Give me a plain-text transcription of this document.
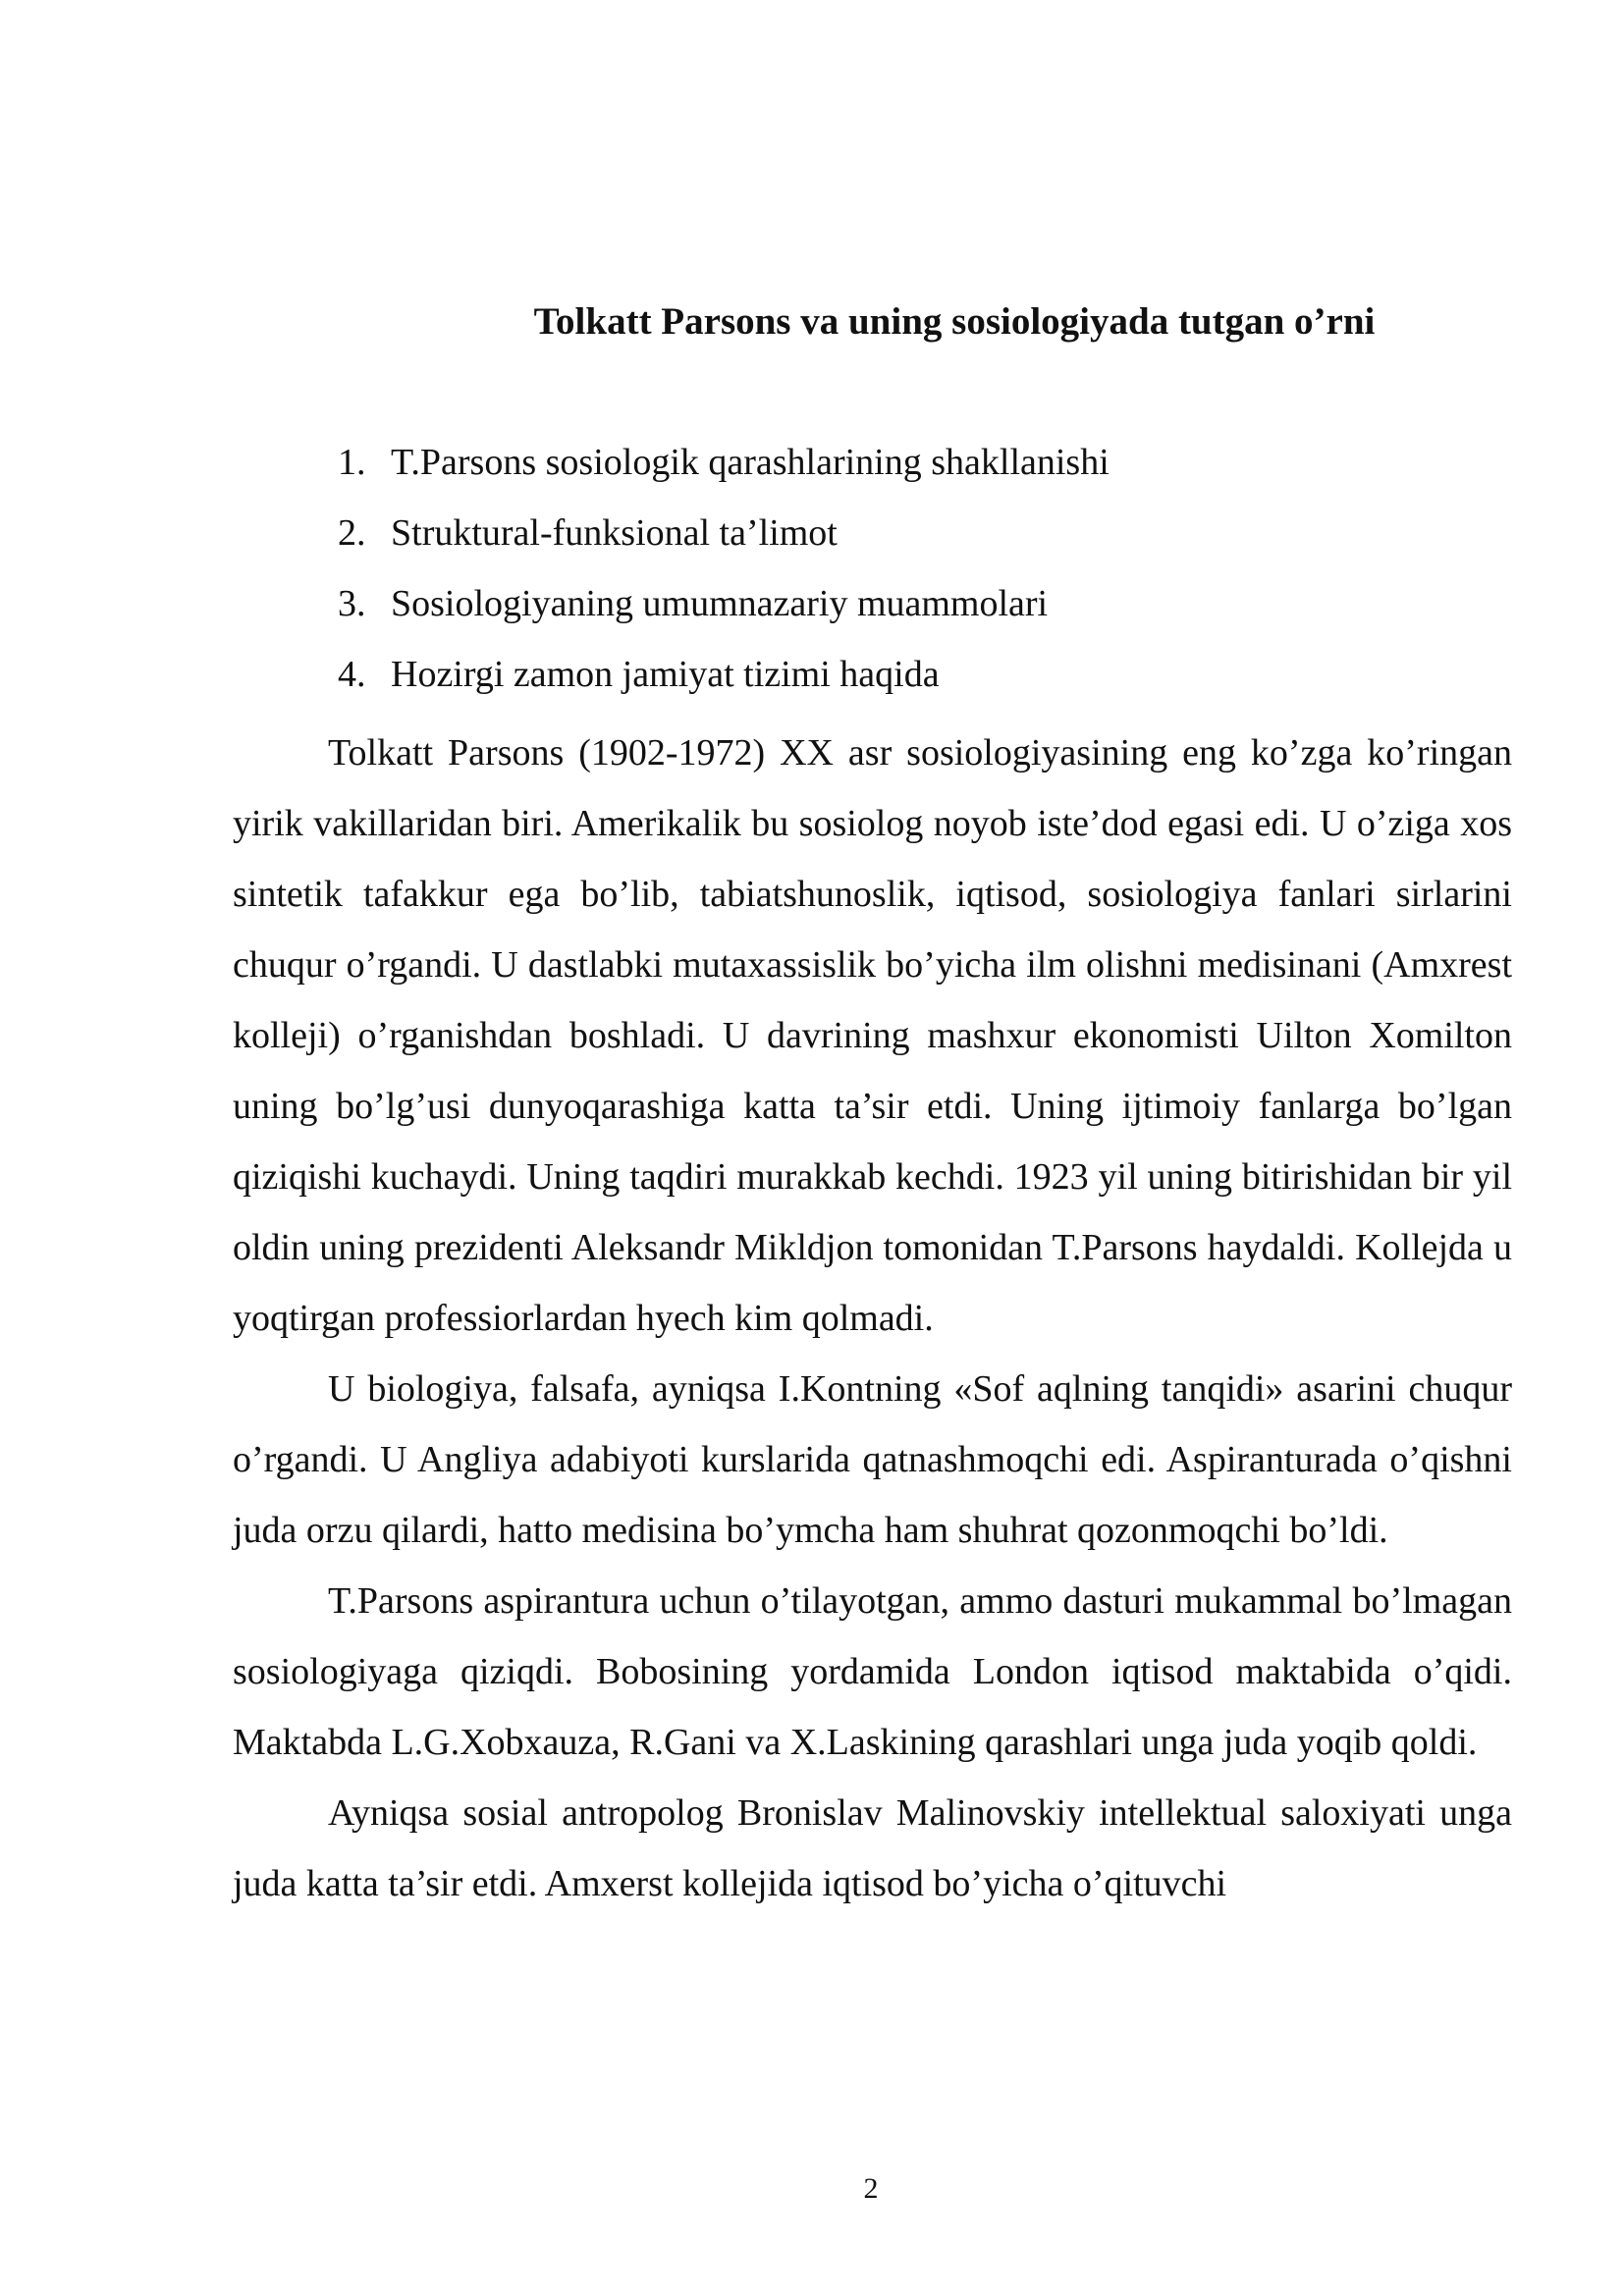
Tolkatt Parsons va uning sosiologiyada tutgan o’rni
1. T.Parsons sosiologik qarashlarining shakllanishi
2. Struktural-funksional ta’limot
3. Sosiologiyaning umumnazariy muammolari
4. Hozirgi zamon jamiyat tizimi haqida

Tolkatt Parsons (1902-1972) XX asr sosiologiyasining eng ko’zga ko’ringan yirik vakillaridan biri. Amerikalik bu sosiolog noyob iste’dod egasi edi. U o’ziga xos sintetik tafakkur ega bo’lib, tabiatshunoslik, iqtisod, sosiologiya fanlari sirlarini chuqur o’rgandi. U dastlabki mutaxassislik bo’yicha ilm olishni medisinani (Amxrest kolleji) o’rganishdan boshladi. U davrining mashxur ekonomisti Uilton Xomilton uning bo’lg’usi dunyoqarashiga katta ta’sir etdi. Uning ijtimoiy fanlarga bo’lgan qiziqishi kuchaydi. Uning taqdiri murakkab kechdi. 1923 yil uning bitirishidan bir yil oldin uning prezidenti Aleksandr Mikldjon tomonidan T.Parsons haydaldi. Kollejda u yoqtirgan professiorlardan hyech kim qolmadi.

U biologiya, falsafa, ayniqsa I.Kontning «Sof aqlning tanqidi» asarini chuqur o’rgandi. U Angliya adabiyoti kurslarida qatnashmoqchi edi. Aspiranturada o’qishni juda orzu qilardi, hatto medisina bo’ymcha ham shuhrat qozonmoqchi bo’ldi.

T.Parsons aspirantura uchun o’tilayotgan, ammo dasturi mukammal bo’lmagan sosiologiyaga qiziqdi. Bobosining yordamida London iqtisod maktabida o’qidi. Maktabda L.G.Xobxauza, R.Gani va X.Laskining qarashlari unga juda yoqib qoldi.

Ayniqsa sosial antropolog Bronislav Malinovskiy intellektual saloxiyati unga juda katta ta’sir etdi. Amxerst kollejida iqtisod bo’yicha o’qituvchi

2
